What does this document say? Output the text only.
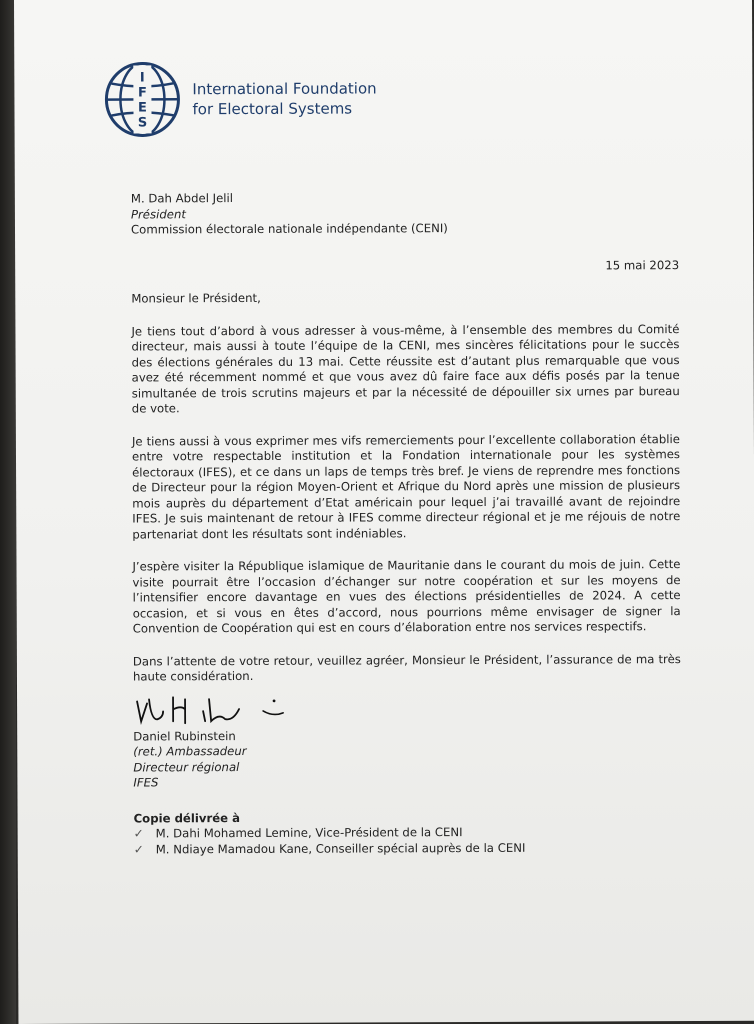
I
F
E
S
International Foundation
for Electoral Systems
M. Dah Abdel Jelil
Président
Commission électorale nationale indépendante (CENI)
15 mai 2023
Monsieur le Président,

Je tiens tout d’abord à vous adresser à vous-même, à l’ensemble des membres du Comité directeur, mais aussi à toute l’équipe de la CENI, mes sincères félicitations pour le succès des élections générales du 13 mai. Cette réussite est d’autant plus remarquable que vous avez été récemment nommé et que vous avez dû faire face aux défis posés par la tenue simultanée de trois scrutins majeurs et par la nécessité de dépouiller six urnes par bureau de vote.

Je tiens aussi à vous exprimer mes vifs remerciements pour l’excellente collaboration établie entre votre respectable institution et la Fondation internationale pour les systèmes électoraux (IFES), et ce dans un laps de temps très bref. Je viens de reprendre mes fonctions de Directeur pour la région Moyen-Orient et Afrique du Nord après une mission de plusieurs mois auprès du département d’Etat américain pour lequel j’ai travaillé avant de rejoindre IFES. Je suis maintenant de retour à IFES comme directeur régional et je me réjouis de notre partenariat dont les résultats sont indéniables.

J’espère visiter la République islamique de Mauritanie dans le courant du mois de juin. Cette visite pourrait être l’occasion d’échanger sur notre coopération et sur les moyens de l’intensifier encore davantage en vues des élections présidentielles de 2024. A cette occasion, et si vous en êtes d’accord, nous pourrions même envisager de signer la Convention de Coopération qui est en cours d’élaboration entre nos services respectifs.

Dans l’attente de votre retour, veuillez agréer, Monsieur le Président, l’assurance de ma très haute considération.

Daniel Rubinstein
(ret.) Ambassadeur
Directeur régional
IFES
Copie délivrée à
✓	M. Dahi Mohamed Lemine, Vice-Président de la CENI
✓	M. Ndiaye Mamadou Kane, Conseiller spécial auprès de la CENI
